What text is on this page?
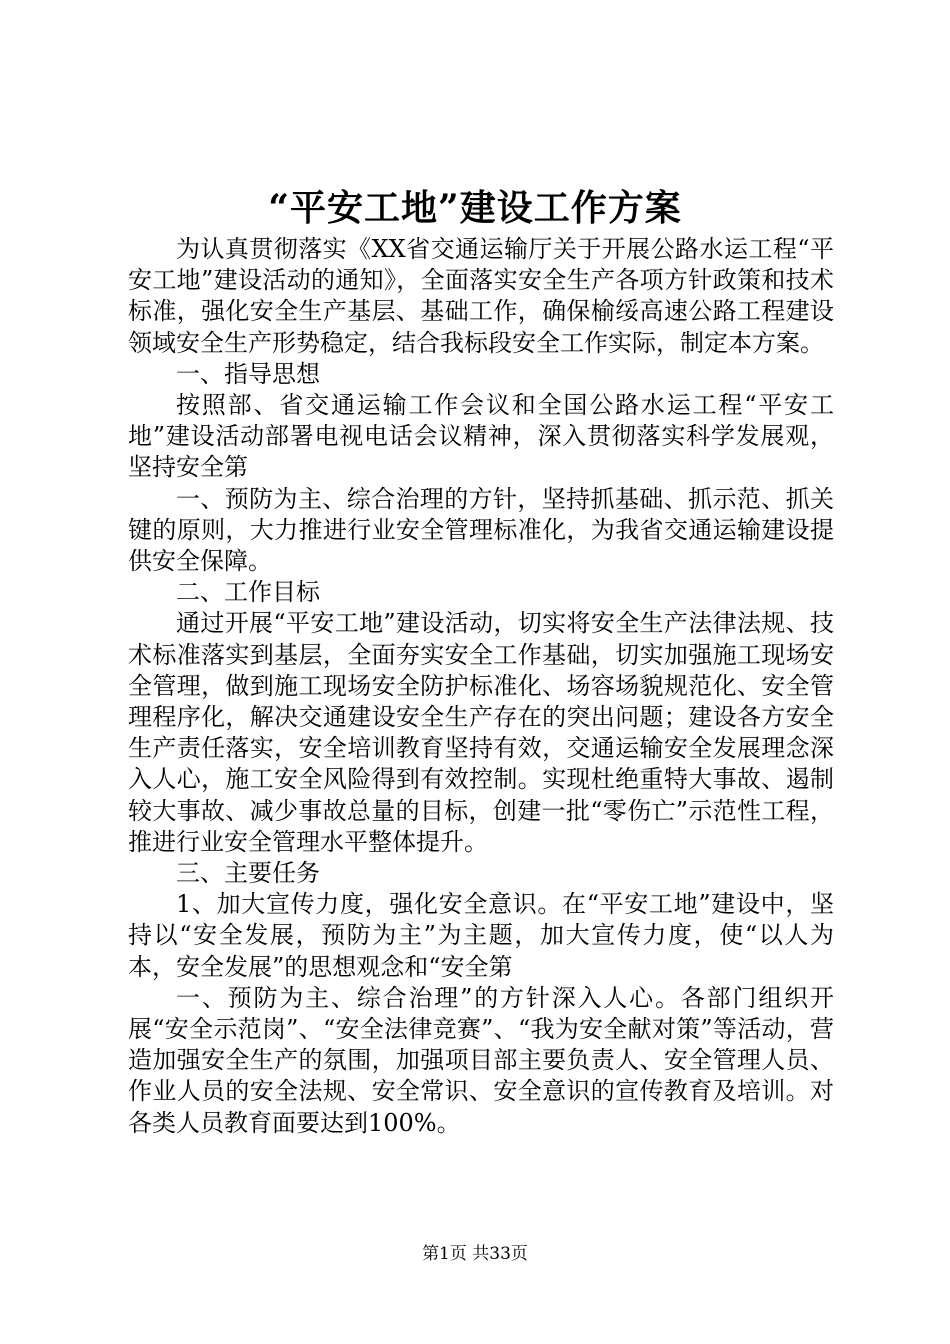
“平安工地”建设工作方案

为认真贯彻落实《XX省交通运输厅关于开展公路水运工程“平安工地”建设活动的通知》，全面落实安全生产各项方针政策和技术标准，强化安全生产基层、基础工作，确保榆绥高速公路工程建设领域安全生产形势稳定，结合我标段安全工作实际，制定本方案。

一、指导思想

按照部、省交通运输工作会议和全国公路水运工程“平安工地”建设活动部署电视电话会议精神，深入贯彻落实科学发展观，坚持安全第

一、预防为主、综合治理的方针，坚持抓基础、抓示范、抓关键的原则，大力推进行业安全管理标准化，为我省交通运输建设提供安全保障。

二、工作目标

通过开展“平安工地”建设活动，切实将安全生产法律法规、技术标准落实到基层，全面夯实安全工作基础，切实加强施工现场安全管理，做到施工现场安全防护标准化、场容场貌规范化、安全管理程序化，解决交通建设安全生产存在的突出问题；建设各方安全生产责任落实，安全培训教育坚持有效，交通运输安全发展理念深入人心，施工安全风险得到有效控制。实现杜绝重特大事故、遏制较大事故、减少事故总量的目标，创建一批“零伤亡”示范性工程，推进行业安全管理水平整体提升。

三、主要任务

1、加大宣传力度，强化安全意识。在“平安工地”建设中，坚持以“安全发展，预防为主”为主题，加大宣传力度，使“以人为本，安全发展”的思想观念和“安全第

一、预防为主、综合治理”的方针深入人心。各部门组织开展“安全示范岗”、“安全法律竞赛”、“我为安全献对策”等活动，营造加强安全生产的氛围，加强项目部主要负责人、安全管理人员、作业人员的安全法规、安全常识、安全意识的宣传教育及培训。对各类人员教育面要达到100%。

第1页 共33页
